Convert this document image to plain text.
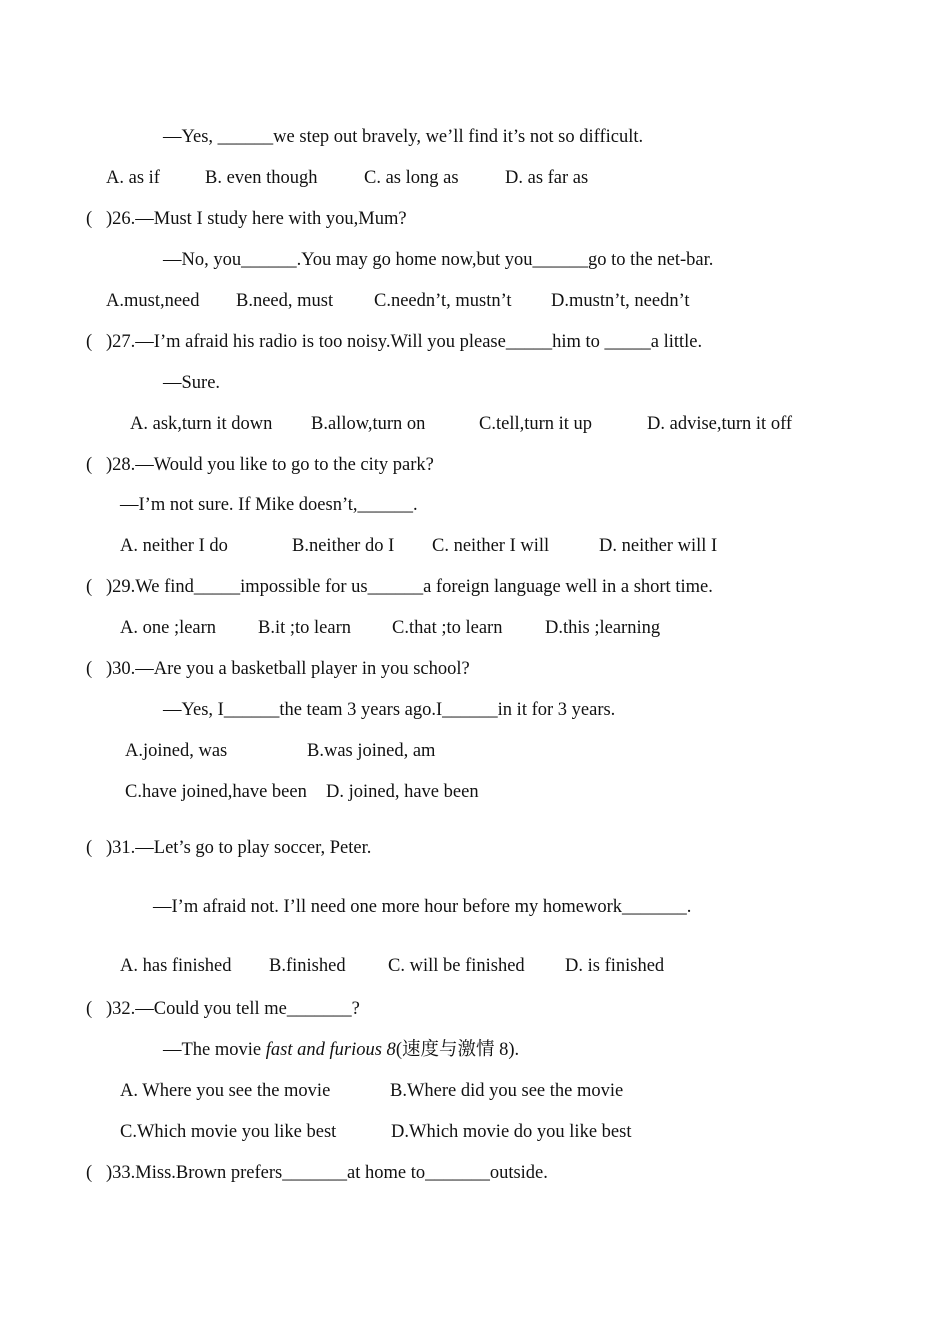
—Yes, ______we step out bravely, we’ll find it’s not so difficult.
A. as if B. even though	C. as long as	D. as far as
( )26.—Must I study here with you,Mum?
—No, you______.You may go home now,but you______go to the net-bar.
A.must,need B.need, must C.needn’t, mustn’t D.mustn’t, needn’t
( )27.—I’m afraid his radio is too noisy.Will you please_____him to _____a little.
—Sure.
A. ask,turn it down B.allow,turn on	C.tell,turn it up	D. advise,turn it off
( )28.—Would you like to go to the city park?
—I’m not sure. If Mike doesn’t,______.
A. neither I do	B.neither do I C. neither I will	D. neither will I
( )29.We find_____impossible for us______a foreign language well in a short time.
A. one ;learn B.it ;to learn C.that ;to learn D.this ;learning
( )30.—Are you a basketball player in you school?
—Yes, I______the team 3 years ago.I______in it for 3 years.
A.joined, was	B.was joined, am
C.have joined,have been D. joined, have been
( )31.—Let’s go to play soccer, Peter.
—I’m afraid not. I’ll need one more hour before my homework_______.
A. has finished B.finished C. will be finished D. is finished
( )32.—Could you tell me_______?
—The movie fast and furious 8(速度与激情 8).
A. Where you see the movie	B.Where did you see the movie
C.Which movie you like best	D.Which movie do you like best
( )33.Miss.Brown prefers_______at home to_______outside.
